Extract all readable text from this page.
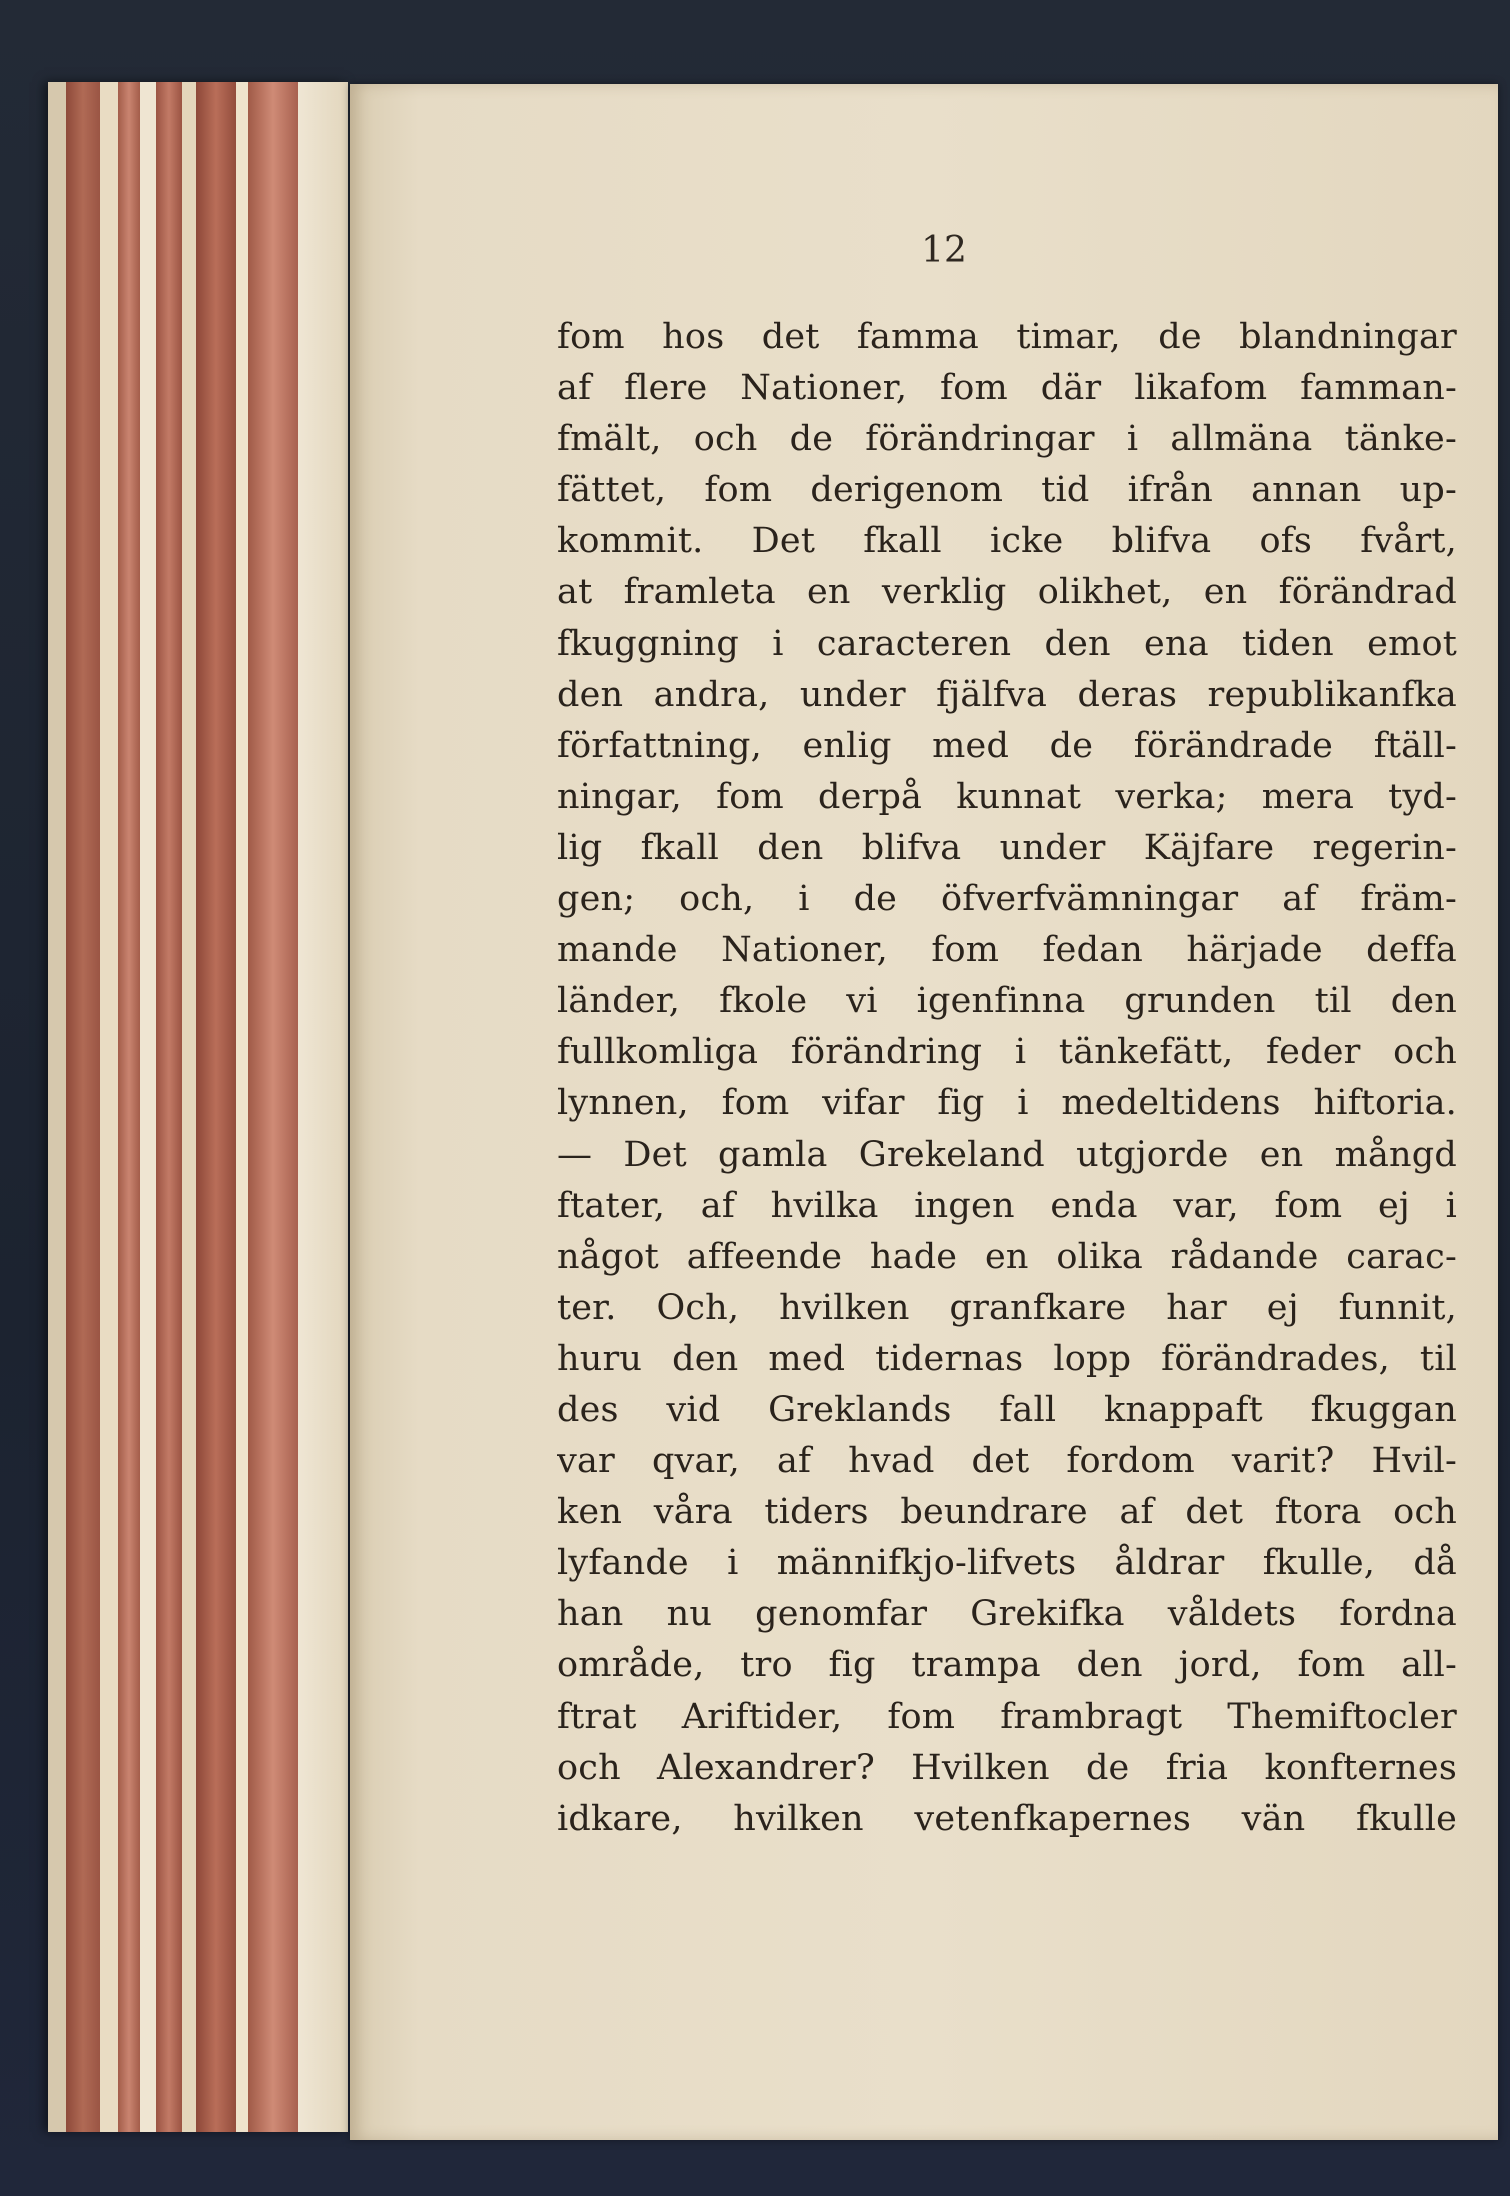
12
fom hos det famma timar, de blandningar
af flere Nationer, fom där likafom famman-
fmält, och de förändringar i allmäna tänke-
fättet, fom derigenom tid ifrån annan up-
kommit. Det fkall icke blifva ofs fvårt,
at framleta en verklig olikhet, en förändrad
fkuggning i caracteren den ena tiden emot
den andra, under fjälfva deras republikanfka
författning, enlig med de förändrade ftäll-
ningar, fom derpå kunnat verka; mera tyd-
lig fkall den blifva under Käjfare regerin-
gen; och, i de öfverfvämningar af främ-
mande Nationer, fom fedan härjade deffa
länder, fkole vi igenfinna grunden til den
fullkomliga förändring i tänkefätt, feder och
lynnen, fom vifar fig i medeltidens hiftoria.
— Det gamla Grekeland utgjorde en mångd
ftater, af hvilka ingen enda var, fom ej i
något affeende hade en olika rådande carac-
ter. Och, hvilken granfkare har ej funnit,
huru den med tidernas lopp förändrades, til
des vid Greklands fall knappaft fkuggan
var qvar, af hvad det fordom varit? Hvil-
ken våra tiders beundrare af det ftora och
lyfande i männifkjo-lifvets åldrar fkulle, då
han nu genomfar Grekifka våldets fordna
område, tro fig trampa den jord, fom all-
ftrat Ariftider, fom frambragt Themiftocler
och Alexandrer? Hvilken de fria konfternes
idkare, hvilken vetenfkapernes vän fkulle
